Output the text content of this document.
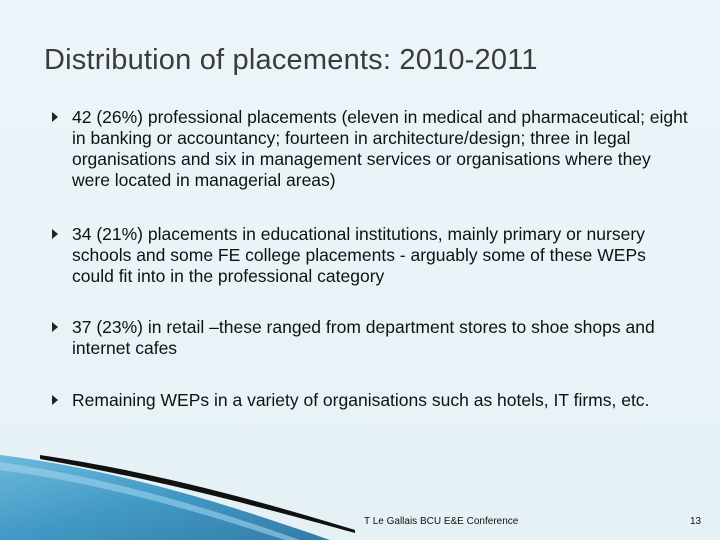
Distribution of placements: 2010-2011
42 (26%) professional placements (eleven in medical and pharmaceutical; eight in banking or accountancy; fourteen in architecture/design; three in legal organisations and six in management services or organisations where they were located in managerial areas)
34 (21%) placements in educational institutions, mainly primary or nursery schools and some FE college placements - arguably some of these WEPs could fit into in the professional category
37 (23%) in retail –these ranged from department stores to shoe shops and internet cafes
Remaining WEPs in a variety of organisations such as hotels, IT firms, etc.
T Le Gallais BCU E&E Conference	13
